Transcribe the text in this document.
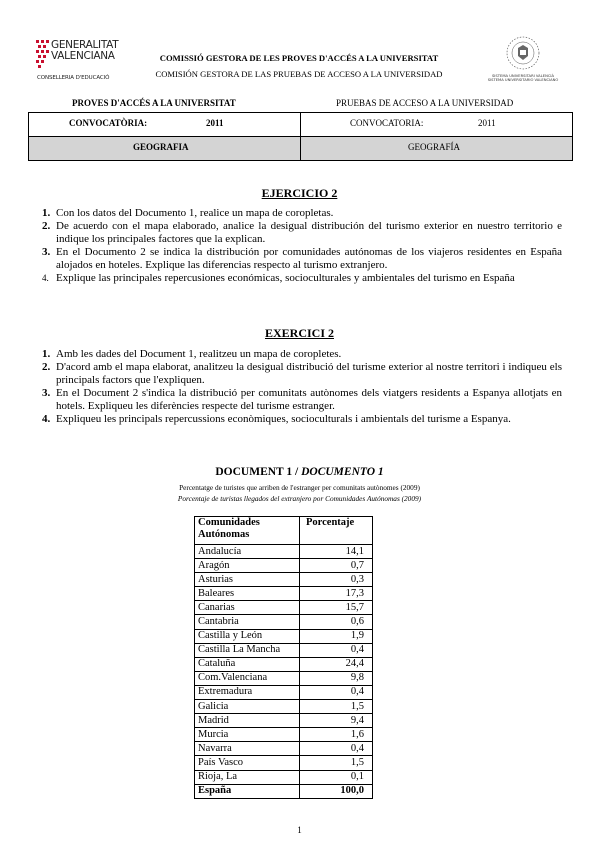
GENERALITAT
VALENCIANA
CONSELLERIA D'EDUCACIÓ
COMISSIÓ GESTORA DE LES PROVES D'ACCÉS A LA UNIVERSITAT
COMISIÓN GESTORA DE LAS PRUEBAS DE ACCESO A LA UNIVERSIDAD	SISTEMA UNIVERSITARI VALENCIÀ
SISTEMA UNIVERSITARIO VALENCIANO
PROVES D'ACCÉS A LA UNIVERSITAT	PRUEBAS DE ACCESO A LA UNIVERSIDAD
CONVOCATÒRIA:	2011	CONVOCATORIA:	2011
GEOGRAFIA	GEOGRAFÍA
EJERCICIO 2
1. Con los datos del Documento 1, realice un mapa de coropletas.
2. De acuerdo con el mapa elaborado, analice la desigual distribución del turismo exterior en nuestro territorio e indique los principales factores que la explican.
3. En el Documento 2 se indica la distribución por comunidades autónomas de los viajeros residentes en España alojados en hoteles. Explique las diferencias respecto al turismo extranjero.
4. Explique las principales repercusiones económicas, socioculturales y ambientales del turismo en España
EXERCICI 2
1. Amb les dades del Document 1, realitzeu un mapa de coropletes.
2. D'acord amb el mapa elaborat, analitzeu la desigual distribució del turisme exterior al nostre territori i indiqueu els principals factors que l'expliquen.
3. En el Document 2 s'indica la distribució per comunitats autònomes dels viatgers residents a Espanya allotjats en hotels. Expliqueu les diferències respecte del turisme estranger.
4. Expliqueu les principals repercussions econòmiques, socioculturals i ambientals del turisme a Espanya.
DOCUMENT 1 / DOCUMENTO 1
Percentatge de turistes que arriben de l'estranger per comunitats autònomes (2009)
Porcentaje de turistas llegados del extranjero por Comunidades Autónomas (2009)
Comunidades Autónomas	Porcentaje
Andalucía	14,1
Aragón	0,7
Asturias	0,3
Baleares	17,3
Canarias	15,7
Cantabria	0,6
Castilla y León	1,9
Castilla La Mancha	0,4
Cataluña	24,4
Com.Valenciana	9,8
Extremadura	0,4
Galicia	1,5
Madrid	9,4
Murcia	1,6
Navarra	0,4
País Vasco	1,5
Rioja, La	0,1
España	100,0
1
